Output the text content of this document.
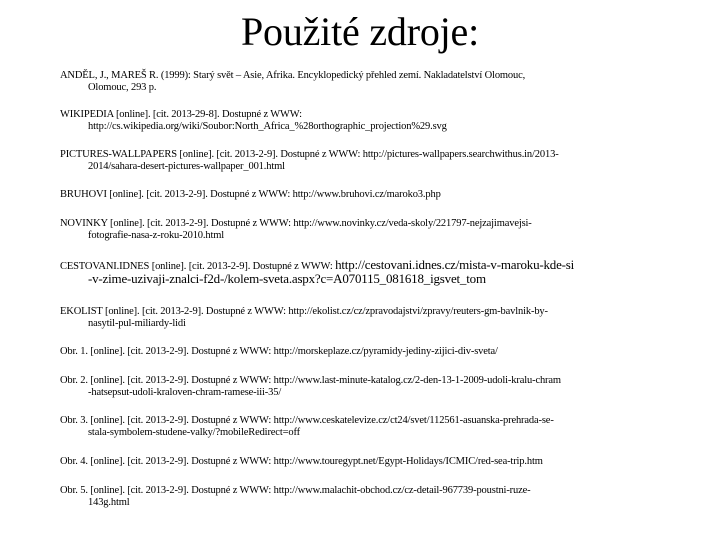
Použité zdroje:
ANDĚL, J., MAREŠ R. (1999): Starý svět – Asie, Afrika. Encyklopedický přehled zemí. Nakladatelství Olomouc,
Olomouc, 293 p.
WIKIPEDIA [online]. [cit. 2013-29-8]. Dostupné z WWW:
http://cs.wikipedia.org/wiki/Soubor:North_Africa_%28orthographic_projection%29.svg
PICTURES-WALLPAPERS [online]. [cit. 2013-2-9]. Dostupné z WWW: http://pictures-wallpapers.searchwithus.in/2013-
2014/sahara-desert-pictures-wallpaper_001.html
BRUHOVI [online]. [cit. 2013-2-9]. Dostupné z WWW: http://www.bruhovi.cz/maroko3.php
NOVINKY [online]. [cit. 2013-2-9]. Dostupné z WWW: http://www.novinky.cz/veda-skoly/221797-nejzajimavejsi-
fotografie-nasa-z-roku-2010.html
CESTOVANI.IDNES [online]. [cit. 2013-2-9]. Dostupné z WWW: http://cestovani.idnes.cz/mista-v-maroku-kde-si
-v-zime-uzivaji-znalci-f2d-/kolem-sveta.aspx?c=A070115_081618_igsvet_tom
EKOLIST [online]. [cit. 2013-2-9]. Dostupné z WWW: http://ekolist.cz/cz/zpravodajstvi/zpravy/reuters-gm-bavlnik-by-
nasytil-pul-miliardy-lidi
Obr. 1. [online]. [cit. 2013-2-9]. Dostupné z WWW: http://morskeplaze.cz/pyramidy-jediny-zijici-div-sveta/
Obr. 2. [online]. [cit. 2013-2-9]. Dostupné z WWW: http://www.last-minute-katalog.cz/2-den-13-1-2009-udoli-kralu-chram
-hatsepsut-udoli-kraloven-chram-ramese-iii-35/
Obr. 3. [online]. [cit. 2013-2-9]. Dostupné z WWW: http://www.ceskatelevize.cz/ct24/svet/112561-asuanska-prehrada-se-
stala-symbolem-studene-valky/?mobileRedirect=off
Obr. 4. [online]. [cit. 2013-2-9]. Dostupné z WWW: http://www.touregypt.net/Egypt-Holidays/ICMIC/red-sea-trip.htm
Obr. 5. [online]. [cit. 2013-2-9]. Dostupné z WWW: http://www.malachit-obchod.cz/cz-detail-967739-poustni-ruze-
143g.html
